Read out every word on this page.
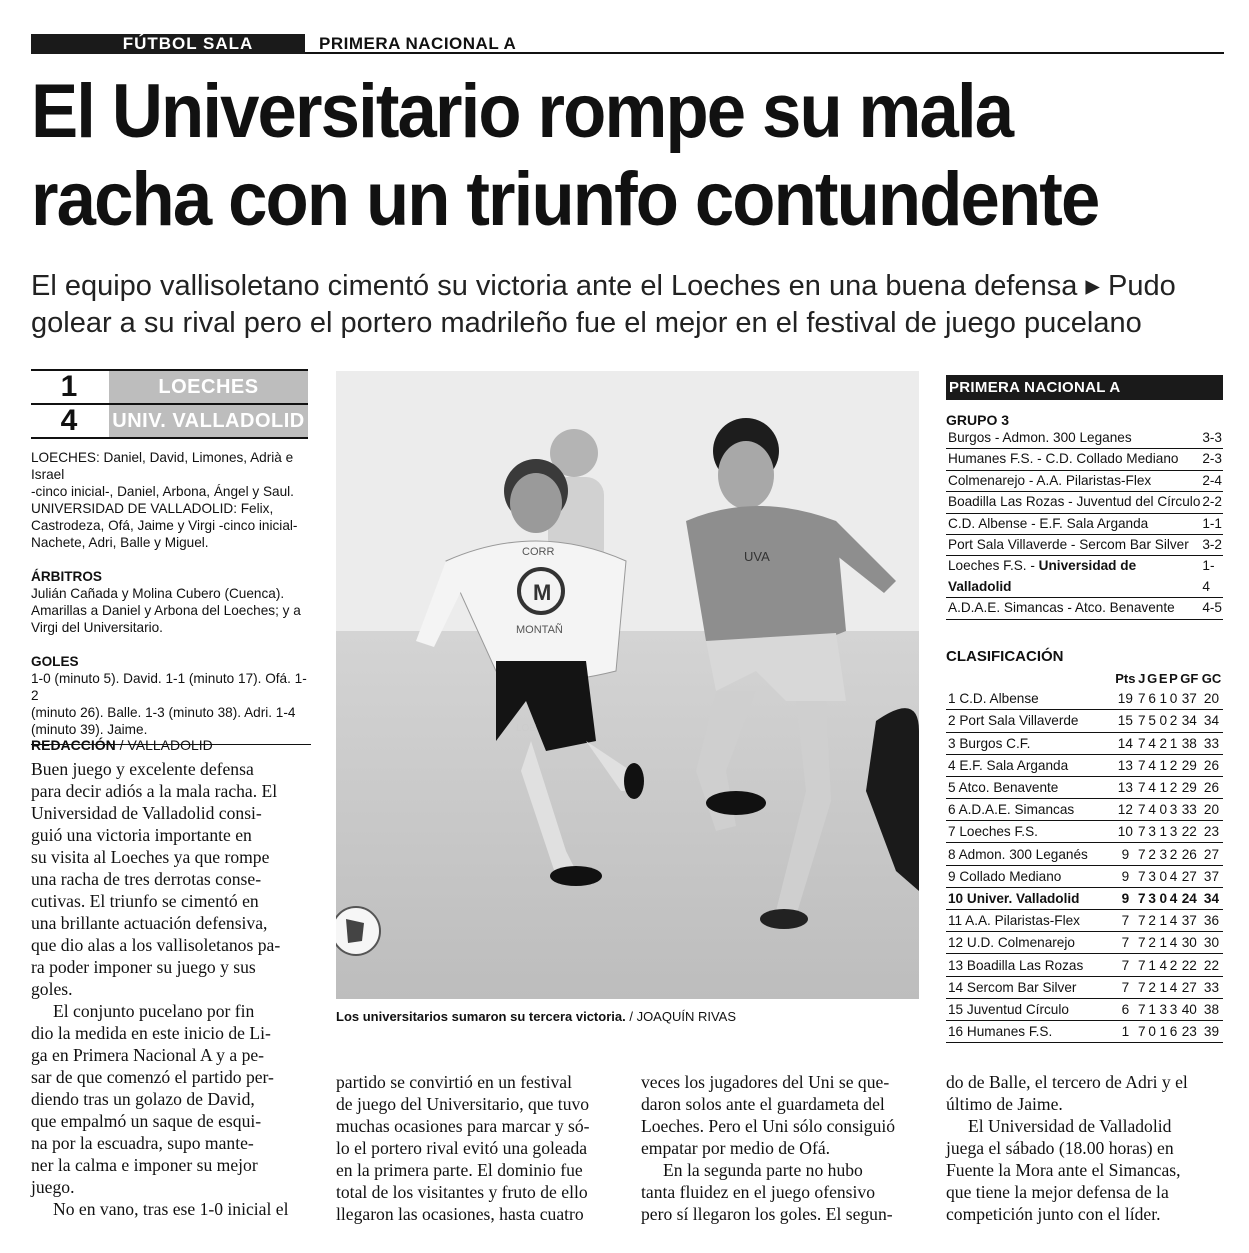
FÚTBOL SALA	PRIMERA NACIONAL A
El Universitario rompe su mala
racha con un triunfo contundente
El equipo vallisoletano cimentó su victoria ante el Loeches en una buena defensa ▸ Pudo
golear a su rival pero el portero madrileño fue el mejor en el festival de juego pucelano
1	LOECHES
4	UNIV. VALLADOLID
LOECHES: Daniel, David, Limones, Adrià e Israel
-cinco inicial-, Daniel, Arbona, Ángel y Saul.
UNIVERSIDAD DE VALLADOLID: Felix,
Castrodeza, Ofá, Jaime y Virgi -cinco inicial-
Nachete, Adri, Balle y Miguel.
ÁRBITROS
Julián Cañada y Molina Cubero (Cuenca).
Amarillas a Daniel y Arbona del Loeches; y a
Virgi del Universitario.
GOLES
1-0 (minuto 5). David. 1-1 (minuto 17). Ofá. 1-2
(minuto 26). Balle. 1-3 (minuto 38). Adri. 1-4
(minuto 39). Jaime.
REDACCIÓN / VALLADOLID
Buen juego y excelente defensa
para decir adiós a la mala racha. El
Universidad de Valladolid consi-
guió una victoria importante en
su visita al Loeches ya que rompe
una racha de tres derrotas conse-
cutivas. El triunfo se cimentó en
una brillante actuación defensiva,
que dio alas a los vallisoletanos pa-
ra poder imponer su juego y sus
goles.
El conjunto pucelano por fin
dio la medida en este inicio de Li-
ga en Primera Nacional A y a pe-
sar de que comenzó el partido per-
diendo tras un golazo de David,
que empalmó un saque de esqui-
na por la escuadra, supo mante-
ner la calma e imponer su mejor
juego.
No en vano, tras ese 1-0 inicial el
M
CORR
MONTAÑ
LOE
UVA
Los universitarios sumaron su tercera victoria. / JOAQUÍN RIVAS
partido se convirtió en un festival
de juego del Universitario, que tuvo
muchas ocasiones para marcar y só-
lo el portero rival evitó una goleada
en la primera parte. El dominio fue
total de los visitantes y fruto de ello
llegaron las ocasiones, hasta cuatro
veces los jugadores del Uni se que-
daron solos ante el guardameta del
Loeches. Pero el Uni sólo consiguió
empatar por medio de Ofá.
En la segunda parte no hubo
tanta fluidez en el juego ofensivo
pero sí llegaron los goles. El segun-
do de Balle, el tercero de Adri y el
último de Jaime.
El Universidad de Valladolid
juega el sábado (18.00 horas) en
Fuente la Mora ante el Simancas,
que tiene la mejor defensa de la
competición junto con el líder.
PRIMERA NACIONAL A
GRUPO 3
Burgos - Admon. 300 Leganes	3-3
Humanes F.S. - C.D. Collado Mediano 2-3
Colmenarejo - A.A. Pilaristas-Flex	2-4
Boadilla Las Rozas - Juventud del Círculo 2-2
C.D. Albense - E.F. Sala Arganda	1-1
Port Sala Villaverde - Sercom Bar Silver 3-2
Loeches F.S. - Universidad de Valladolid
1-4
A.D.A.E. Simancas - Atco. Benavente 4-5
CLASIFICACIÓN
	Pts	J	G	E	P	GF	GC
1 C.D. Albense	19	7	6	1	0	37	20
2 Port Sala Villaverde	15	7	5	0	2	34	34
3 Burgos C.F.	14	7	4	2	1	38	33
4 E.F. Sala Arganda	13	7	4	1	2	29	26
5 Atco. Benavente	13	7	4	1	2	29	26
6 A.D.A.E. Simancas	12	7	4	0	3	33	20
7 Loeches F.S.	10	7	3	1	3	22	23
8 Admon. 300 Leganés	9	7	2	3	2	26	27
9 Collado Mediano	9	7	3	0	4	27	37
10 Univer. Valladolid	9	7	3	0	4	24	34
11 A.A. Pilaristas-Flex	7	7	2	1	4	37	36
12 U.D. Colmenarejo	7	7	2	1	4	30	30
13 Boadilla Las Rozas	7	7	1	4	2	22	22
14 Sercom Bar Silver	7	7	2	1	4	27	33
15 Juventud Círculo	6	7	1	3	3	40	38
16 Humanes F.S.	1	7	0	1	6	23	39
